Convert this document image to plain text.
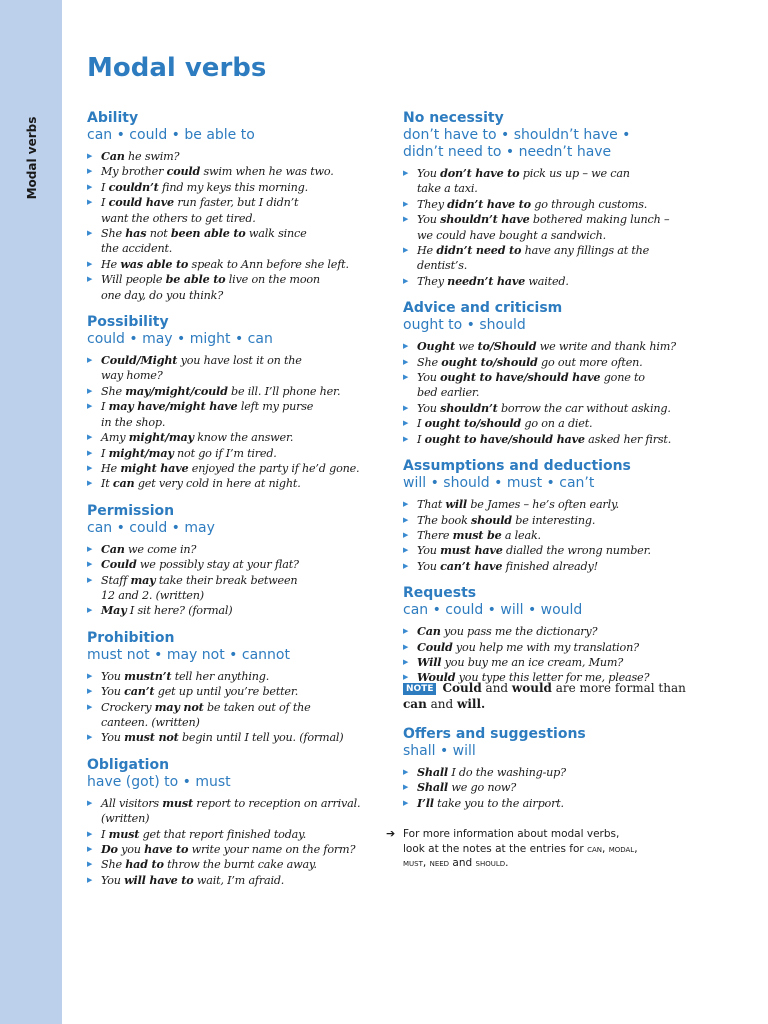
Modal verbs
Modal verbs
Ability

can • could • be able to

▶ Can he swim?
▶ My brother could swim when he was two.
▶ I couldn’t find my keys this morning.
▶ I could have run faster, but I didn’t
want the others to get tired.
▶ She has not been able to walk since
the accident.
▶ He was able to speak to Ann before she left.
▶ Will people be able to live on the moon
one day, do you think?
Possibility

could • may • might • can

▶ Could/Might you have lost it on the
way home?
▶ She may/might/could be ill. I’ll phone her.
▶ I may have/might have left my purse
in the shop.
▶ Amy might/may know the answer.
▶ I might/may not go if I’m tired.
▶ He might have enjoyed the party if he’d gone.
▶ It can get very cold in here at night.
Permission

can • could • may

▶ Can we come in?
▶ Could we possibly stay at your flat?
▶ Staff may take their break between
12 and 2. (written)
▶ May I sit here? (formal)
Prohibition

must not • may not • cannot

▶ You mustn’t tell her anything.
▶ You can’t get up until you’re better.
▶ Crockery may not be taken out of the
canteen. (written)
▶ You must not begin until I tell you. (formal)
Obligation

have (got) to • must

▶ All visitors must report to reception on arrival.
(written)
▶ I must get that report finished today.
▶ Do you have to write your name on the form?
▶ She had to throw the burnt cake away.
▶ You will have to wait, I’m afraid.
No necessity

don’t have to • shouldn’t have •
didn’t need to • needn’t have

▶ You don’t have to pick us up – we can
take a taxi.
▶ They didn’t have to go through customs.
▶ You shouldn’t have bothered making lunch –
we could have bought a sandwich.
▶ He didn’t need to have any fillings at the
dentist’s.
▶ They needn’t have waited.
Advice and criticism

ought to • should

▶ Ought we to/Should we write and thank him?
▶ She ought to/should go out more often.
▶ You ought to have/should have gone to
bed earlier.
▶ You shouldn’t borrow the car without asking.
▶ I ought to/should go on a diet.
▶ I ought to have/should have asked her first.
Assumptions and deductions

will • should • must • can’t

▶ That will be James – he’s often early.
▶ The book should be interesting.
▶ There must be a leak.
▶ You must have dialled the wrong number.
▶ You can’t have finished already!
Requests

can • could • will • would

▶ Can you pass me the dictionary?
▶ Could you help me with my translation?
▶ Will you buy me an ice cream, Mum?
▶ Would you type this letter for me, please?
NOTE Could and would are more formal than
can and will.
Offers and suggestions

shall • will

▶ Shall I do the washing-up?
▶ Shall we go now?
▶ I’ll take you to the airport.
➔ For more information about modal verbs,
look at the notes at the entries for can, modal,
must, need and should.
